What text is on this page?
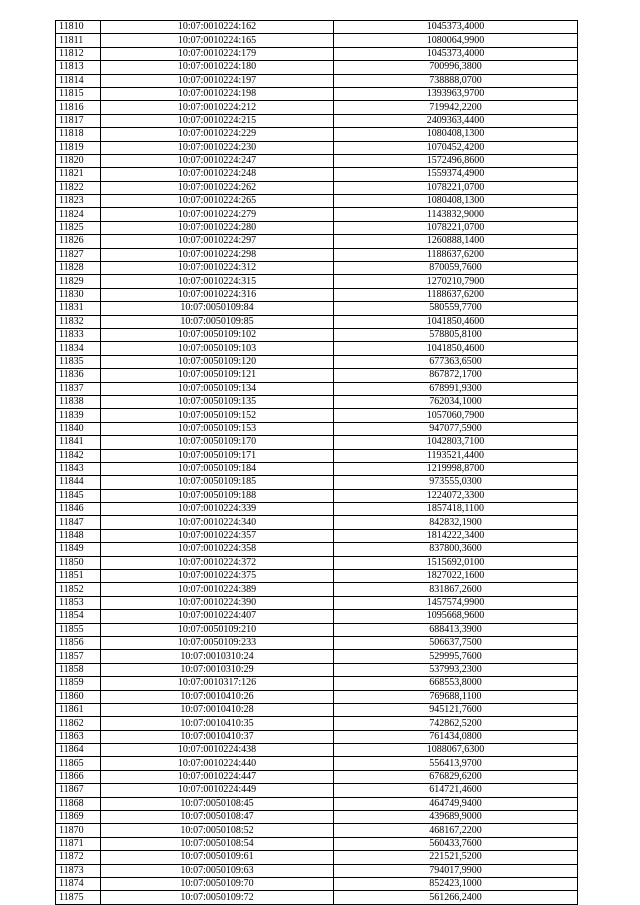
11810	10:07:0010224:162	1045373,4000
11811	10:07:0010224:165	1080064,9900
11812	10:07:0010224:179	1045373,4000
11813	10:07:0010224:180	700996,3800
11814	10:07:0010224:197	738888,0700
11815	10:07:0010224:198	1393963,9700
11816	10:07:0010224:212	719942,2200
11817	10:07:0010224:215	2409363,4400
11818	10:07:0010224:229	1080408,1300
11819	10:07:0010224:230	1070452,4200
11820	10:07:0010224:247	1572496,8600
11821	10:07:0010224:248	1559374,4900
11822	10:07:0010224:262	1078221,0700
11823	10:07:0010224:265	1080408,1300
11824	10:07:0010224:279	1143832,9000
11825	10:07:0010224:280	1078221,0700
11826	10:07:0010224:297	1260888,1400
11827	10:07:0010224:298	1188637,6200
11828	10:07:0010224:312	870059,7600
11829	10:07:0010224:315	1270210,7900
11830	10:07:0010224:316	1188637,6200
11831	10:07:0050109:84	580559,7700
11832	10:07:0050109:85	1041850,4600
11833	10:07:0050109:102	578805,8100
11834	10:07:0050109:103	1041850,4600
11835	10:07:0050109:120	677363,6500
11836	10:07:0050109:121	867872,1700
11837	10:07:0050109:134	678991,9300
11838	10:07:0050109:135	762034,1000
11839	10:07:0050109:152	1057060,7900
11840	10:07:0050109:153	947077,5900
11841	10:07:0050109:170	1042803,7100
11842	10:07:0050109:171	1193521,4400
11843	10:07:0050109:184	1219998,8700
11844	10:07:0050109:185	973555,0300
11845	10:07:0050109:188	1224072,3300
11846	10:07:0010224:339	1857418,1100
11847	10:07:0010224:340	842832,1900
11848	10:07:0010224:357	1814222,3400
11849	10:07:0010224:358	837800,3600
11850	10:07:0010224:372	1515692,0100
11851	10:07:0010224:375	1827022,1600
11852	10:07:0010224:389	831867,2600
11853	10:07:0010224:390	1457574,9900
11854	10:07:0010224:407	1095668,9600
11855	10:07:0050109:210	688413,3900
11856	10:07:0050109:233	506637,7500
11857	10:07:0010310:24	529995,7600
11858	10:07:0010310:29	537993,2300
11859	10:07:0010317:126	668553,8000
11860	10:07:0010410:26	769688,1100
11861	10:07:0010410:28	945121,7600
11862	10:07:0010410:35	742862,5200
11863	10:07:0010410:37	761434,0800
11864	10:07:0010224:438	1088067,6300
11865	10:07:0010224:440	556413,9700
11866	10:07:0010224:447	676829,6200
11867	10:07:0010224:449	614721,4600
11868	10:07:0050108:45	464749,9400
11869	10:07:0050108:47	439689,9000
11870	10:07:0050108:52	468167,2200
11871	10:07:0050108:54	560433,7600
11872	10:07:0050109:61	221521,5200
11873	10:07:0050109:63	794017,9900
11874	10:07:0050109:70	852423,1000
11875	10:07:0050109:72	561266,2400
